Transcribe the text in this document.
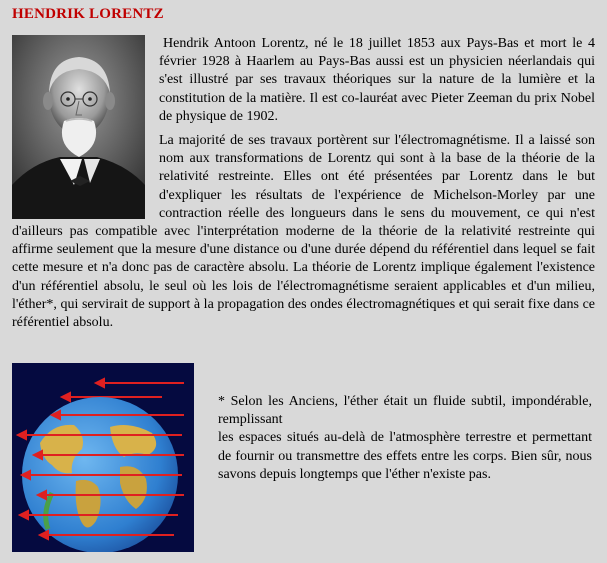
HENDRIK LORENTZ

Hendrik Antoon Lorentz, né le 18 juillet 1853 aux Pays-Bas et mort le 4 février 1928 à Haarlem au Pays-Bas aussi est un physicien néerlandais qui s'est illustré par ses travaux théoriques sur la nature de la lumière et la constitution de la matière. Il est co-lauréat avec Pieter Zeeman du prix Nobel de physique de 1902.

La majorité de ses travaux portèrent sur l'électromagnétisme. Il a laissé son nom aux transformations de Lorentz qui sont à la base de la théorie de la relativité restreinte. Elles ont été présentées par Lorentz dans le but d'expliquer les résultats de l'expérience de Michelson-Morley par une contraction réelle des longueurs dans le sens du mouvement, ce qui n'est d'ailleurs pas compatible avec l'interprétation moderne de la théorie de la relativité restreinte qui affirme seulement que la mesure d'une distance ou d'une durée dépend du référentiel dans lequel se fait cette mesure et n'a donc pas de caractère absolu. La théorie de Lorentz implique également l'existence d'un référentiel absolu, le seul où les lois de l'électromagnétisme seraient applicables et d'un milieu, l'éther*, qui servirait de support à la propagation des ondes électromagnétiques et qui serait fixe dans ce référentiel absolu.

* Selon les Anciens, l'éther était un fluide subtil, impondérable, remplissant

les espaces situés au-delà de l'atmosphère terrestre et permettant de fournir ou transmettre des effets entre les corps. Bien sûr, nous savons depuis longtemps que l'éther n'existe pas.
